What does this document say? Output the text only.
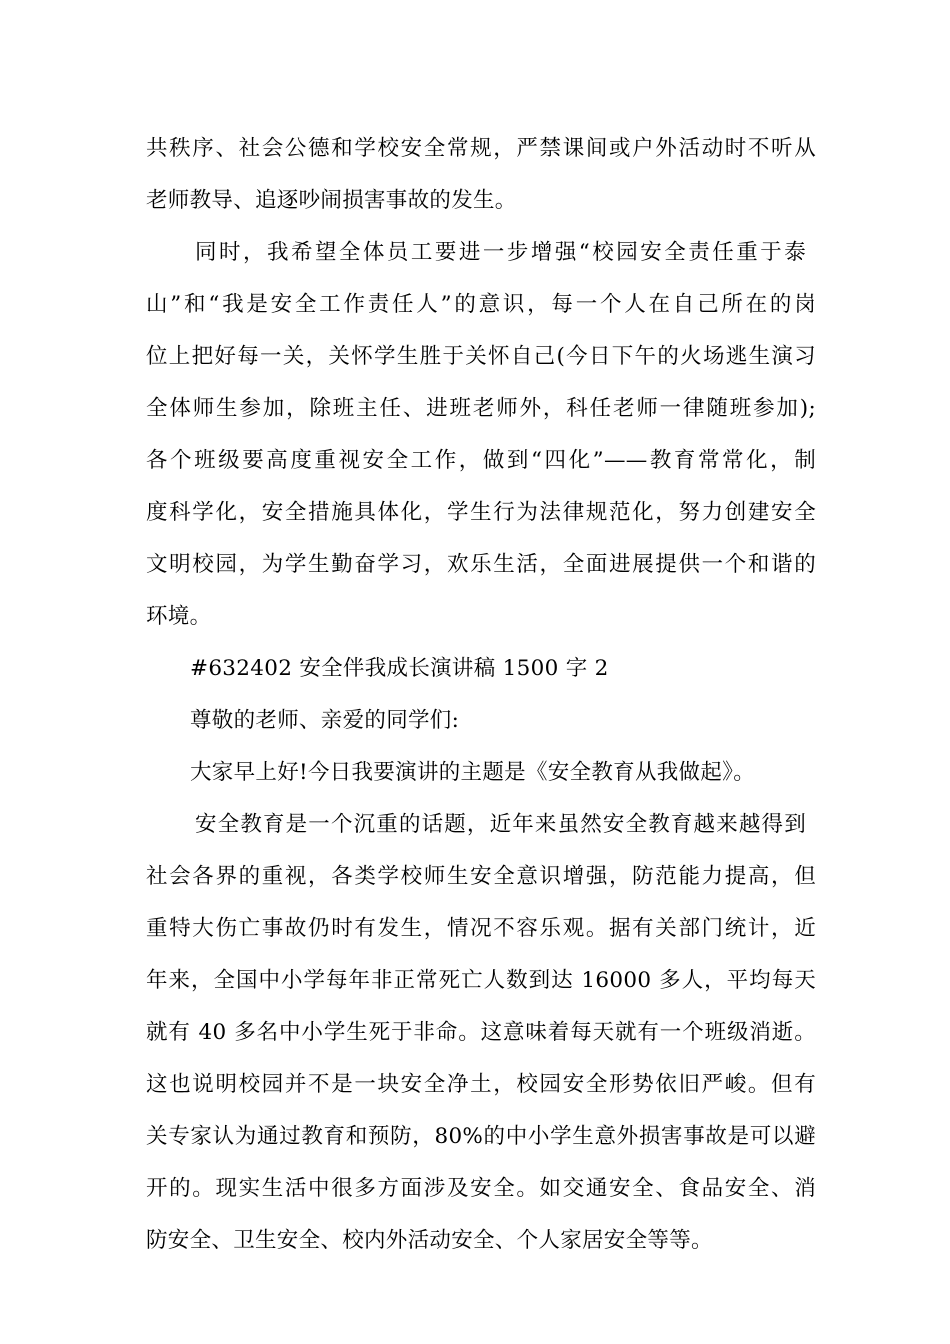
共秩序、社会公德和学校安全常规，严禁课间或户外活动时不听从
老师教导、追逐吵闹损害事故的发生。
同时，我希望全体员工要进一步增强“校园安全责任重于泰
山”和“我是安全工作责任人”的意识，每一个人在自己所在的岗
位上把好每一关，关怀学生胜于关怀自己(今日下午的火场逃生演习
全体师生参加，除班主任、进班老师外，科任老师一律随班参加);
各个班级要高度重视安全工作，做到“四化”——教育常常化，制
度科学化，安全措施具体化，学生行为法律规范化，努力创建安全
文明校园，为学生勤奋学习，欢乐生活，全面进展提供一个和谐的
环境。
#632402 安全伴我成长演讲稿 1500 字 2
尊敬的老师、亲爱的同学们:
大家早上好!今日我要演讲的主题是《安全教育从我做起》。
安全教育是一个沉重的话题，近年来虽然安全教育越来越得到
社会各界的重视，各类学校师生安全意识增强，防范能力提高，但
重特大伤亡事故仍时有发生，情况不容乐观。据有关部门统计，近
年来，全国中小学每年非正常死亡人数到达 16000 多人，平均每天
就有 40 多名中小学生死于非命。这意味着每天就有一个班级消逝。
这也说明校园并不是一块安全净土，校园安全形势依旧严峻。但有
关专家认为通过教育和预防，80%的中小学生意外损害事故是可以避
开的。现实生活中很多方面涉及安全。如交通安全、食品安全、消
防安全、卫生安全、校内外活动安全、个人家居安全等等。
